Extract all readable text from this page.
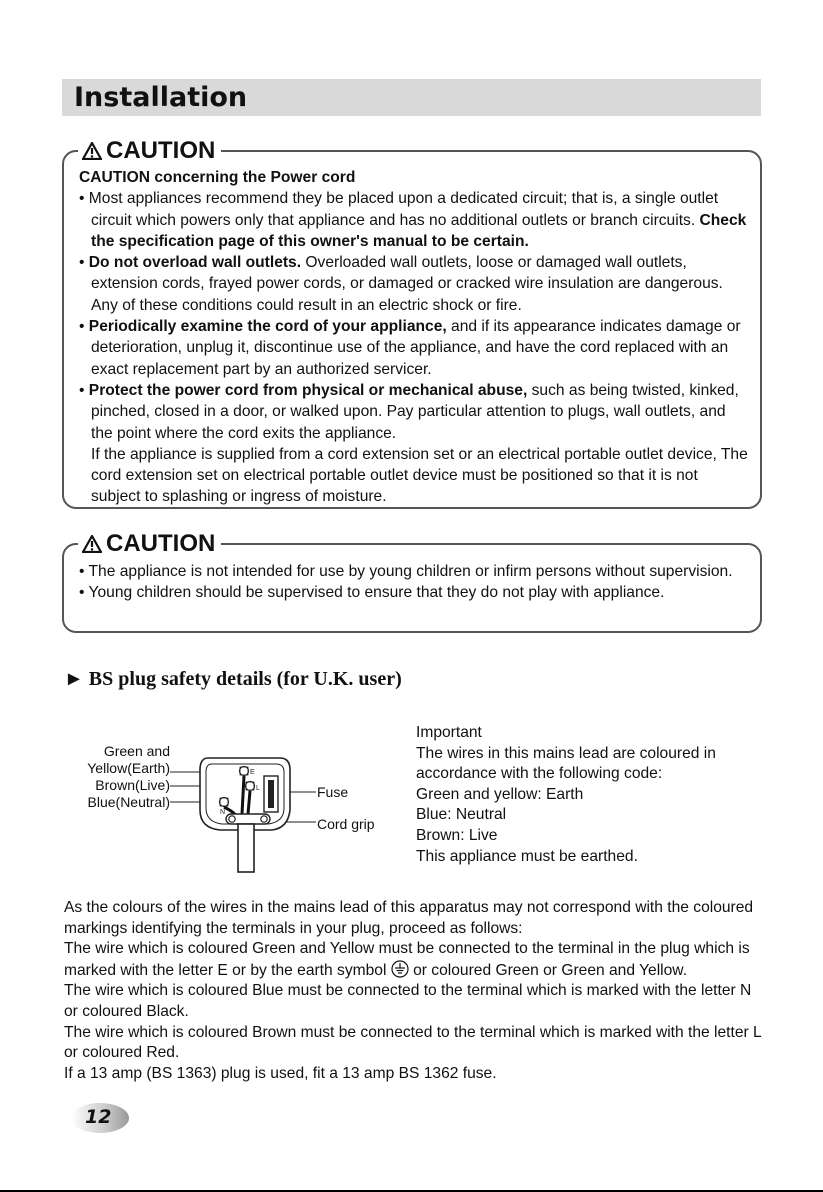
Installation
CAUTION

CAUTION concerning the Power cord

• Most appliances recommend they be placed upon a dedicated circuit; that is, a single outlet circuit which powers only that appliance and has no additional outlets or branch circuits. Check the specification page of this owner's manual to be certain.

• Do not overload wall outlets. Overloaded wall outlets, loose or damaged wall outlets, extension cords, frayed power cords, or damaged or cracked wire insulation are dangerous. Any of these conditions could result in an electric shock or fire.

• Periodically examine the cord of your appliance, and if its appearance indicates damage or deterioration, unplug it, discontinue use of the appliance, and have the cord replaced with an exact replacement part by an authorized servicer.

• Protect the power cord from physical or mechanical abuse, such as being twisted, kinked, pinched, closed in a door, or walked upon. Pay particular attention to plugs, wall outlets, and the point where the cord exits the appliance.

If the appliance is supplied from a cord extension set or an electrical portable outlet device, The cord extension set on electrical portable outlet device must be positioned so that it is not subject to splashing or ingress of moisture.

CAUTION

• The appliance is not intended for use by young children or infirm persons without supervision.

• Young children should be supervised to ensure that they do not play with appliance.

► BS plug safety details (for U.K. user)
Green and
Yellow(Earth)
Brown(Live)
Blue(Neutral)
Fuse
Cord grip
E
L
N
Important
The wires in this mains lead are coloured in
accordance with the following code:
Green and yellow: Earth
Blue: Neutral
Brown: Live
This appliance must be earthed.

As the colours of the wires in the mains lead of this apparatus may not correspond with the coloured markings identifying the terminals in your plug, proceed as follows:

The wire which is coloured Green and Yellow must be connected to the terminal in the plug which is marked with the letter E or by the earth symbol or coloured Green or Green and Yellow.

The wire which is coloured Blue must be connected to the terminal which is marked with the letter N or coloured Black.

The wire which is coloured Brown must be connected to the terminal which is marked with the letter L or coloured Red.

If a 13 amp (BS 1363) plug is used, fit a 13 amp BS 1362 fuse.

12
